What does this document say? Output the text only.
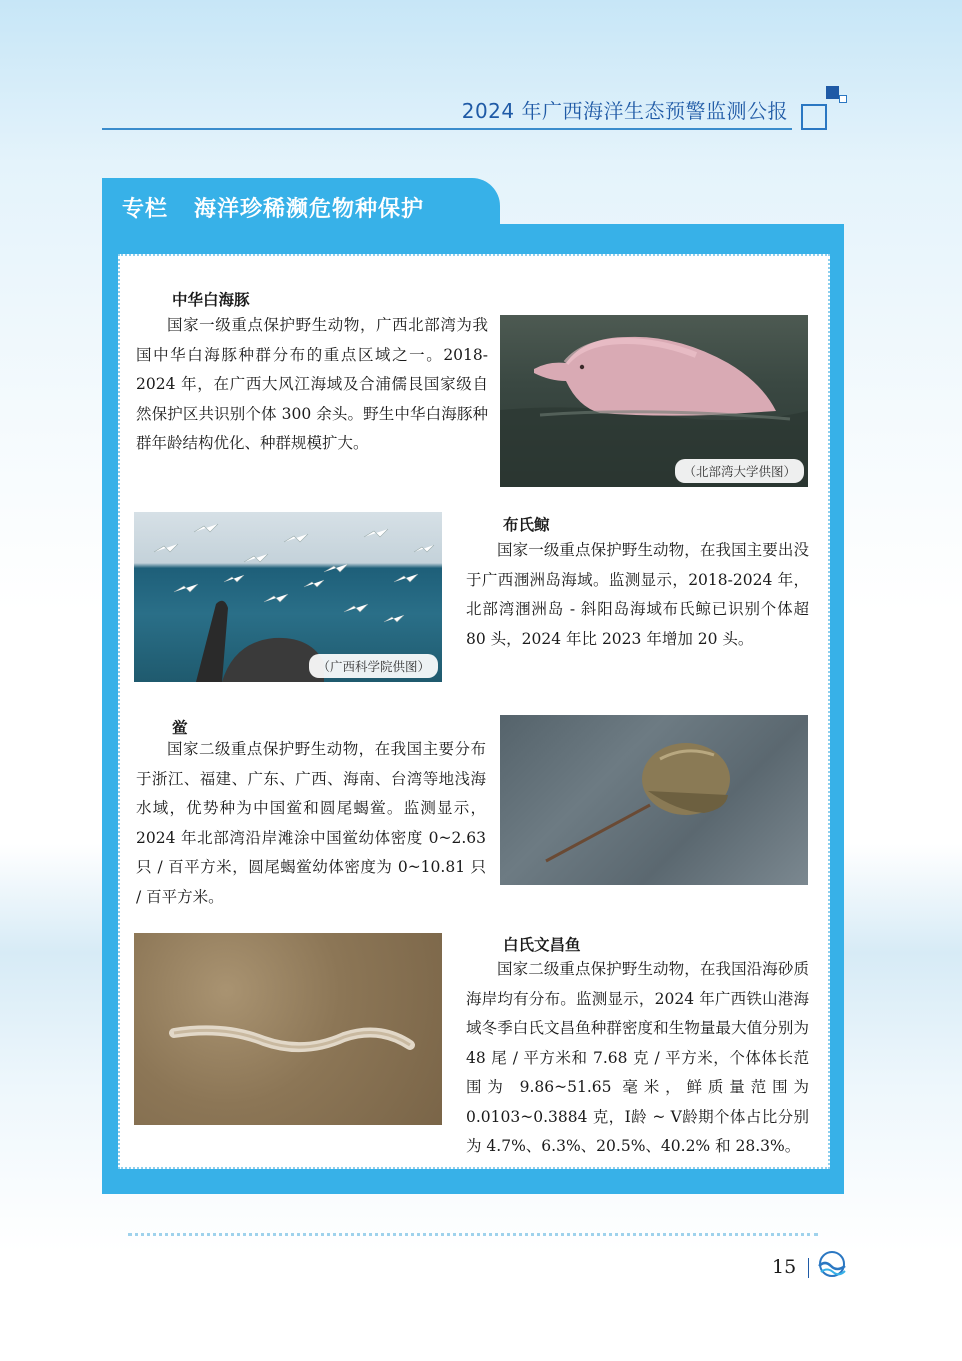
2024 年广西海洋生态预警监测公报
专栏   海洋珍稀濒危物种保护
中华白海豚

国家一级重点保护野生动物，广西北部湾为我国中华白海豚种群分布的重点区域之一。2018-2024 年，在广西大风江海域及合浦儒艮国家级自然保护区共识别个体 300 余头。野生中华白海豚种群年龄结构优化、种群规模扩大。

（北部湾大学供图）
（广西科学院供图）
布氏鲸

国家一级重点保护野生动物，在我国主要出没于广西涠洲岛海域。监测显示，2018-2024 年，北部湾涠洲岛 - 斜阳岛海域布氏鲸已识别个体超 80 头，2024 年比 2023 年增加 20 头。

鲎

国家二级重点保护野生动物，在我国主要分布于浙江、福建、广东、广西、海南、台湾等地浅海水域，优势种为中国鲎和圆尾蝎鲎。监测显示，2024 年北部湾沿岸滩涂中国鲎幼体密度 0~2.63 只 / 百平方米，圆尾蝎鲎幼体密度为 0~10.81 只 / 百平方米。

白氏文昌鱼

国家二级重点保护野生动物，在我国沿海砂质海岸均有分布。监测显示，2024 年广西铁山港海域冬季白氏文昌鱼种群密度和生物量最大值分别为 48 尾 / 平方米和 7.68 克 / 平方米，个体体长范围为 9.86~51.65 毫米，鲜质量范围为 0.0103~0.3884 克，Ⅰ龄 ~ Ⅴ龄期个体占比分别为 4.7%、6.3%、20.5%、40.2% 和 28.3%。

15
